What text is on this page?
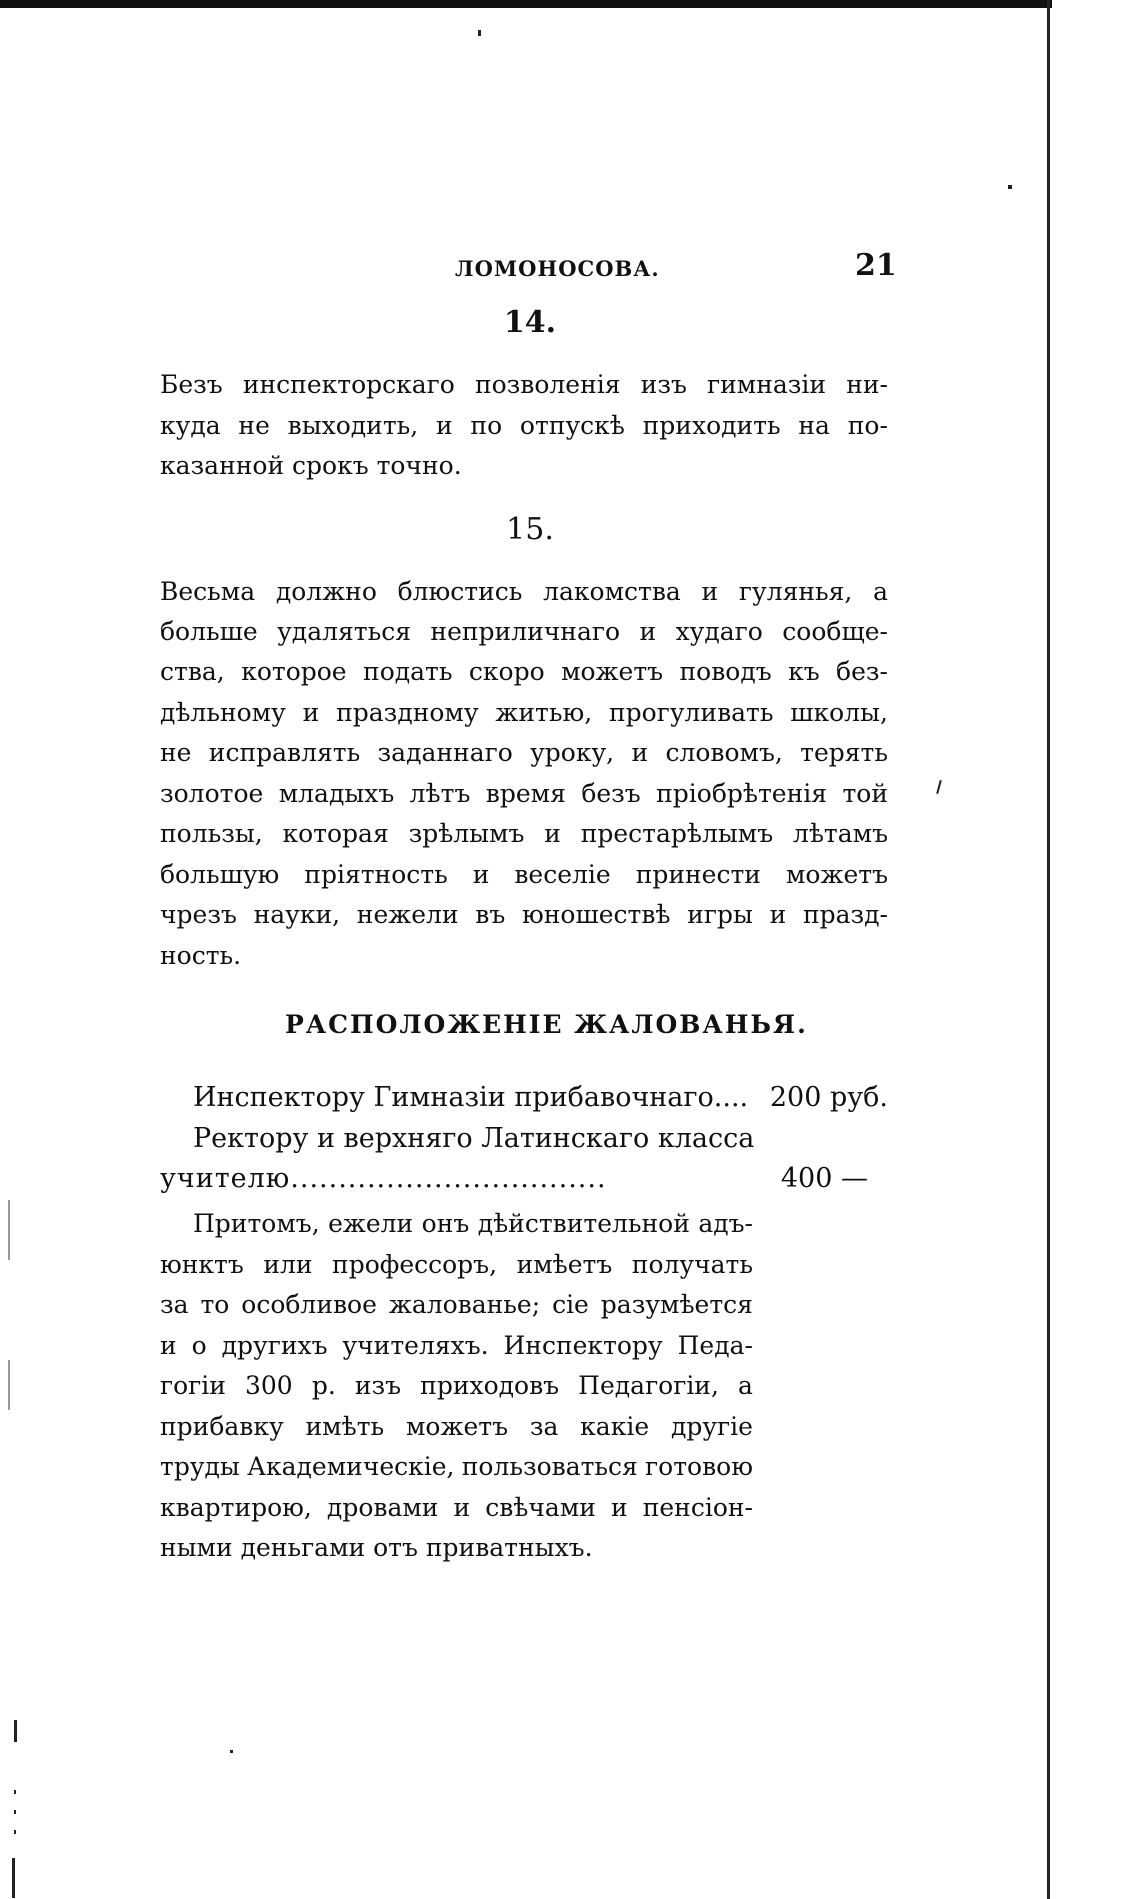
ЛОМОНОСОВА.	21
14.
Безъ инспекторскаго позволенія изъ гимназіи ни-
куда не выходить, и по отпускѣ приходить на по-
казанной срокъ точно.
15.
Весьма должно блюстись лакомства и гулянья, а
больше удаляться неприличнаго и худаго сообще-
ства, которое подать скоро можетъ поводъ къ без-
дѣльному и праздному житью, прогуливать школы,
не исправлять заданнаго уроку, и словомъ, терять
золотое младыхъ лѣтъ время безъ пріобрѣтенія той
пользы, которая зрѣлымъ и престарѣлымъ лѣтамъ
большую пріятность и веселіе принести можетъ
чрезъ науки, нежели въ юношествѣ игры и празд-
ность.
РАСПОЛОЖЕНІЕ ЖАЛОВАНЬЯ.
Инспектору Гимназіи прибавочнаго.... 200 руб.
Ректору и верхняго Латинскаго класса
учителю.................................	400 —
Притомъ, ежели онъ дѣйствительной адъ-
юнктъ или профессоръ, имѣетъ получать
за то особливое жалованье; сіе разумѣется
и о другихъ учителяхъ. Инспектору Педа-
гогіи 300 р. изъ приходовъ Педагогіи, а
прибавку имѣть можетъ за какіе другіе
труды Академическіе, пользоваться готовою
квартирою, дровами и свѣчами и пенсіон-
ными деньгами отъ приватныхъ.
